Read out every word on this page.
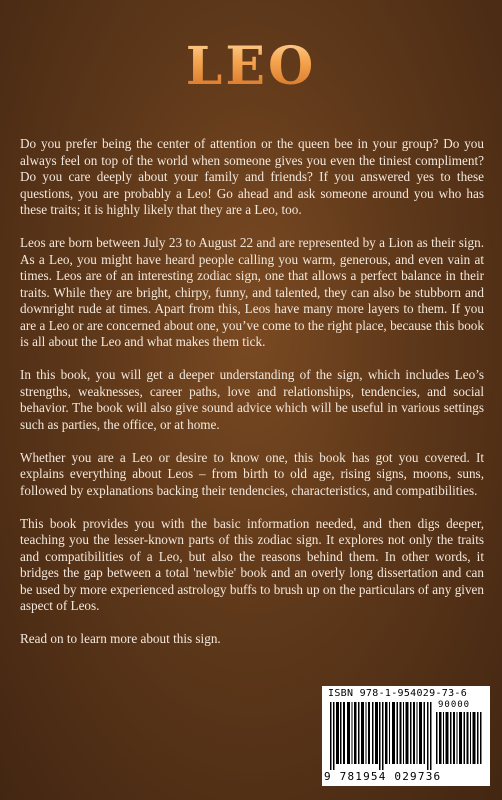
LEO

Do you prefer being the center of attention or the queen bee in your group? Do you always feel on top of the world when someone gives you even the tiniest compliment? Do you care deeply about your family and friends? If you answered yes to these questions, you are probably a Leo! Go ahead and ask someone around you who has these traits; it is highly likely that they are a Leo, too.

Leos are born between July 23 to August 22 and are represented by a Lion as their sign. As a Leo, you might have heard people calling you warm, generous, and even vain at times. Leos are of an interesting zodiac sign, one that allows a perfect balance in their traits. While they are bright, chirpy, funny, and talented, they can also be stubborn and downright rude at times. Apart from this, Leos have many more layers to them. If you are a Leo or are concerned about one, you’ve come to the right place, because this book is all about the Leo and what makes them tick.

In this book, you will get a deeper understanding of the sign, which includes Leo’s strengths, weaknesses, career paths, love and relationships, tendencies, and social behavior. The book will also give sound advice which will be useful in various settings such as parties, the office, or at home.

Whether you are a Leo or desire to know one, this book has got you covered. It explains everything about Leos – from birth to old age, rising signs, moons, suns, followed by explanations backing their tendencies, characteristics, and compatibilities.

This book provides you with the basic information needed, and then digs deeper, teaching you the lesser-known parts of this zodiac sign. It explores not only the traits and compatibilities of a Leo, but also the reasons behind them. In other words, it bridges the gap between a total 'newbie' book and an overly long dissertation and can be used by more experienced astrology buffs to brush up on the particulars of any given aspect of Leos.

Read on to learn more about this sign.

ISBN 978-1-954029-73-6
90000
9 781954 029736
